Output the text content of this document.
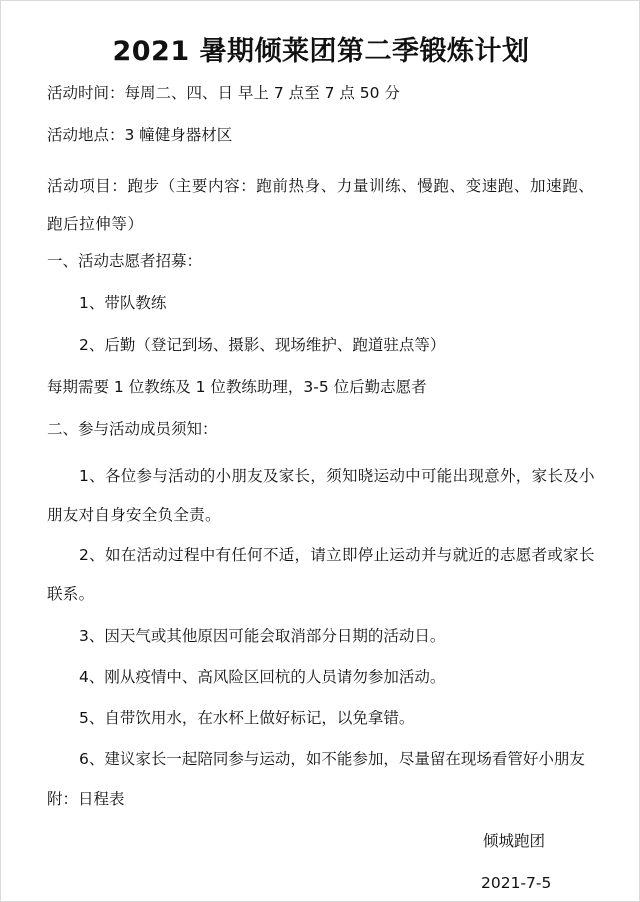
2021 暑期倾莱团第二季锻炼计划
活动时间：每周二、四、日 早上 7 点至 7 点 50 分
活动地点：3 幢健身器材区
活动项目：跑步（主要内容：跑前热身、力量训练、慢跑、变速跑、加速跑、跑后拉伸等）
一、活动志愿者招募：
1、带队教练
2、后勤（登记到场、摄影、现场维护、跑道驻点等）
每期需要 1 位教练及 1 位教练助理，3-5 位后勤志愿者
二、参与活动成员须知：
1、各位参与活动的小朋友及家长，须知晓运动中可能出现意外，家长及小朋友对自身安全负全责。
2、如在活动过程中有任何不适，请立即停止运动并与就近的志愿者或家长联系。
3、因天气或其他原因可能会取消部分日期的活动日。
4、刚从疫情中、高风险区回杭的人员请勿参加活动。
5、自带饮用水，在水杯上做好标记，以免拿错。
6、建议家长一起陪同参与运动，如不能参加，尽量留在现场看管好小朋友
附：日程表
倾城跑团
2021-7-5
